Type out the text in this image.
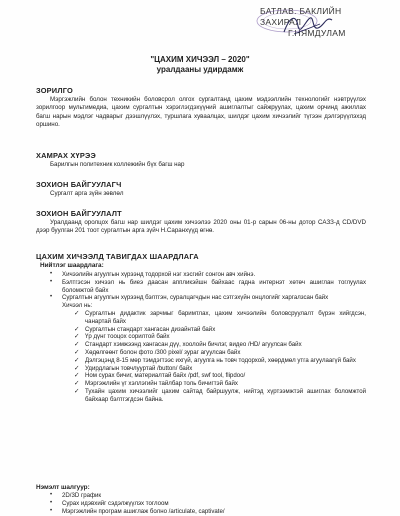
БАТЛАВ. БАКЛИЙН ЗАХИРАЛ
Г.НЯМДУЛАМ
"ЦАХИМ ХИЧЭЭЛ – 2020"
уралдааны удирдамж
ЗОРИЛГО
Мэргэжлийн болон техникийн боловсрол олгох сургалтанд цахим мэдээллийн технологийг нэвтрүүлэх зорилгоор мультимедиа, цахим сургалтын хэрэглэгдэхүүний ашиглалтыг сайжруулах, цахим орчинд ажиллах багш нарын мэдлэг чадварыг дээшлүүлэх, туршлага хуваалцах, шилдэг цахим хичээлийг түгээн дэлгэрүүлэхэд оршино.
ХАМРАХ ХҮРЭЭ
Барилгын политехник коллежийн бүх багш нар
ЗОХИОН БАЙГУУЛАГЧ
Сургалт арга зүйн зөвлөл
ЗОХИОН БАЙГУУЛАЛТ
Уралдаанд оролцох багш нар шилдэг цахим хичээлээ 2020 оны 01-р сарын 06-ны дотор САЗЗ-д CD/DVD дээр буулган 201 тоот сургалтын арга зүйч Н.Саранхүүд өгнө.
ЦАХИМ ХИЧЭЭЛД ТАВИГДАХ ШААРДЛАГА
Нийтлэг шаардлага:
• Хичээлийн агуулгын хүрээнд тодорхой нэг хэсгийг сонгон авч хийнэ.
• Бэлтгэсэн хичээл нь биеэ даасан аппликэйшн байхаас гадна интернэт хөтөч ашиглан тоглуулах боломжтой байх
• Сургалтын агуулгын хүрээнд бэлтгэн, суралцагчдын нас сэтгэхүйн онцлогийг харгалзсан байх
Хичээл нь:
✓ Сургалтын дидактик зарчмыг баримтлах, цахим хичээлийн боловсруулалт бүрэн хийгдсэн, чанартай байх
✓ Сургалтын стандарт хангасан дизайнтай байх
✓ Үр дүнг тооцох сорилтой байх
✓ Стандарт хэмжээнд хангасан дүү, хоолойн бичлэг, видео /HD/ агуулсан байх
✓ Хөдөлгөөнт болон фото /300 pixel/ зураг агуулсан байх
✓ Дэлгэцэнд 8-15 мөр тэмдэгтээс ихгүй, агуулга нь товч тодорхой, хөөрдмөл утга агуулаагүй байх
✓ Удирдлагын товчлууртай /button/ байх
✓ Ном сурах бичиг, материалтай байх /pdf, swf tool, flipdoo/
✓ Мэргэжлийн үг хэллэгийн тайлбар толь бичигтэй байх
✓ Тухайн цахим хичээлийг цахим сайтад байршуулж, нийтэд хүртээмжтэй ашиглах боломжтой байхаар бэлтгэгдсэн байна.
Нэмэлт шалгуур:
• 2D/3D график
• Сурах идэвхийг сэдэлжүүлэх тоглоом
• Мэргэжлийн програм ашиглаж болно /articulate, captivate/
